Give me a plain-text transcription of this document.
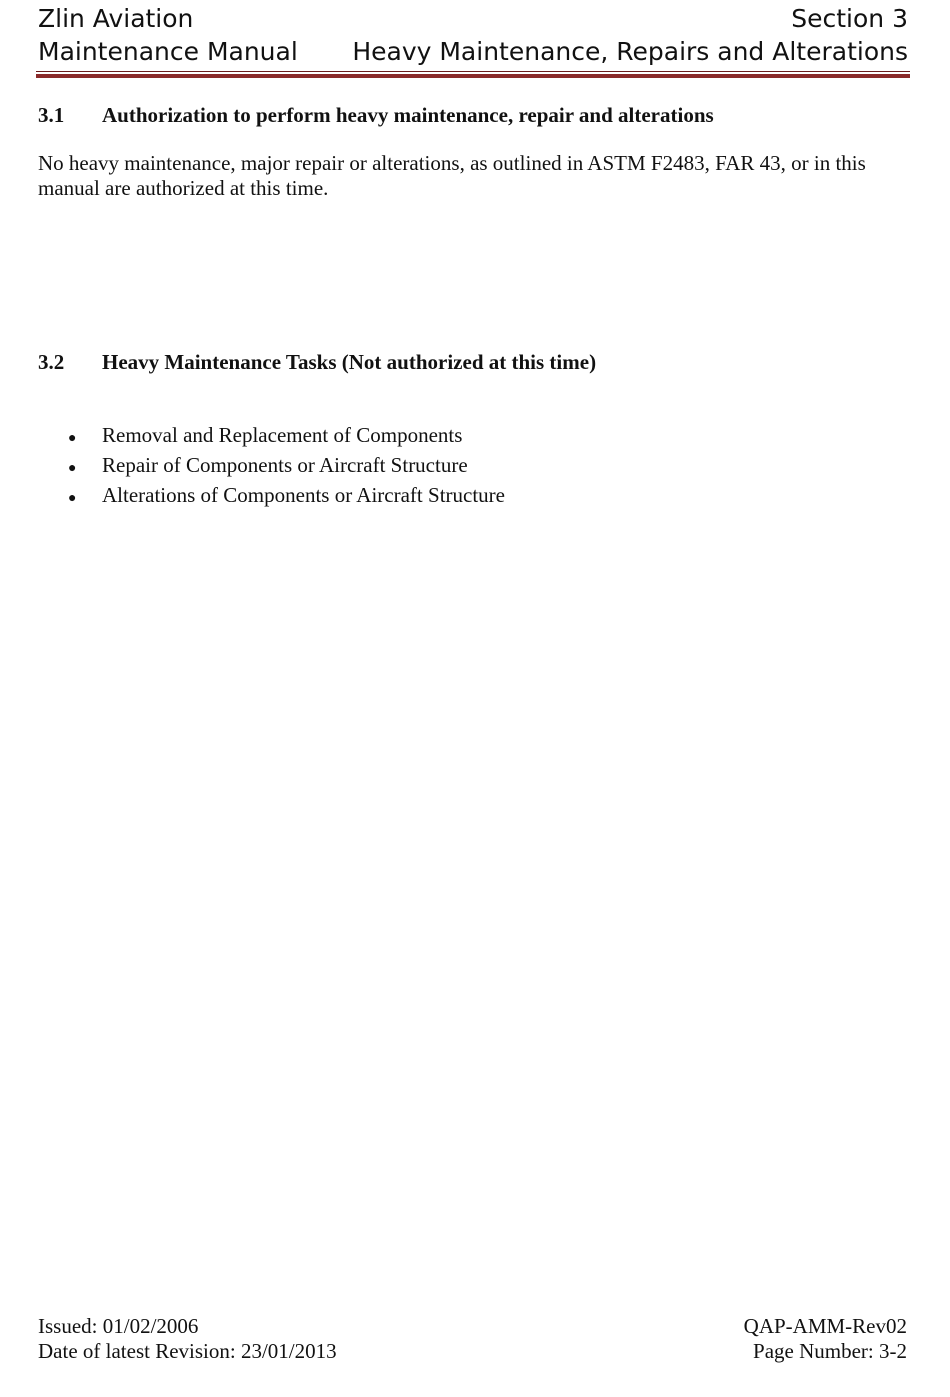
Zlin Aviation	Section 3
Maintenance Manual Heavy Maintenance, Repairs and Alterations
3.1	Authorization to perform heavy maintenance, repair and alterations
No heavy maintenance, major repair or alterations, as outlined in ASTM F2483, FAR 43, or in this manual are authorized at this time.
3.2	Heavy Maintenance Tasks (Not authorized at this time)
●	Removal and Replacement of Components
●	Repair of Components or Aircraft Structure
●	Alterations of Components or Aircraft Structure
Issued: 01/02/2006	QAP-AMM-Rev02
Date of latest Revision: 23/01/2013	Page Number: 3-2
